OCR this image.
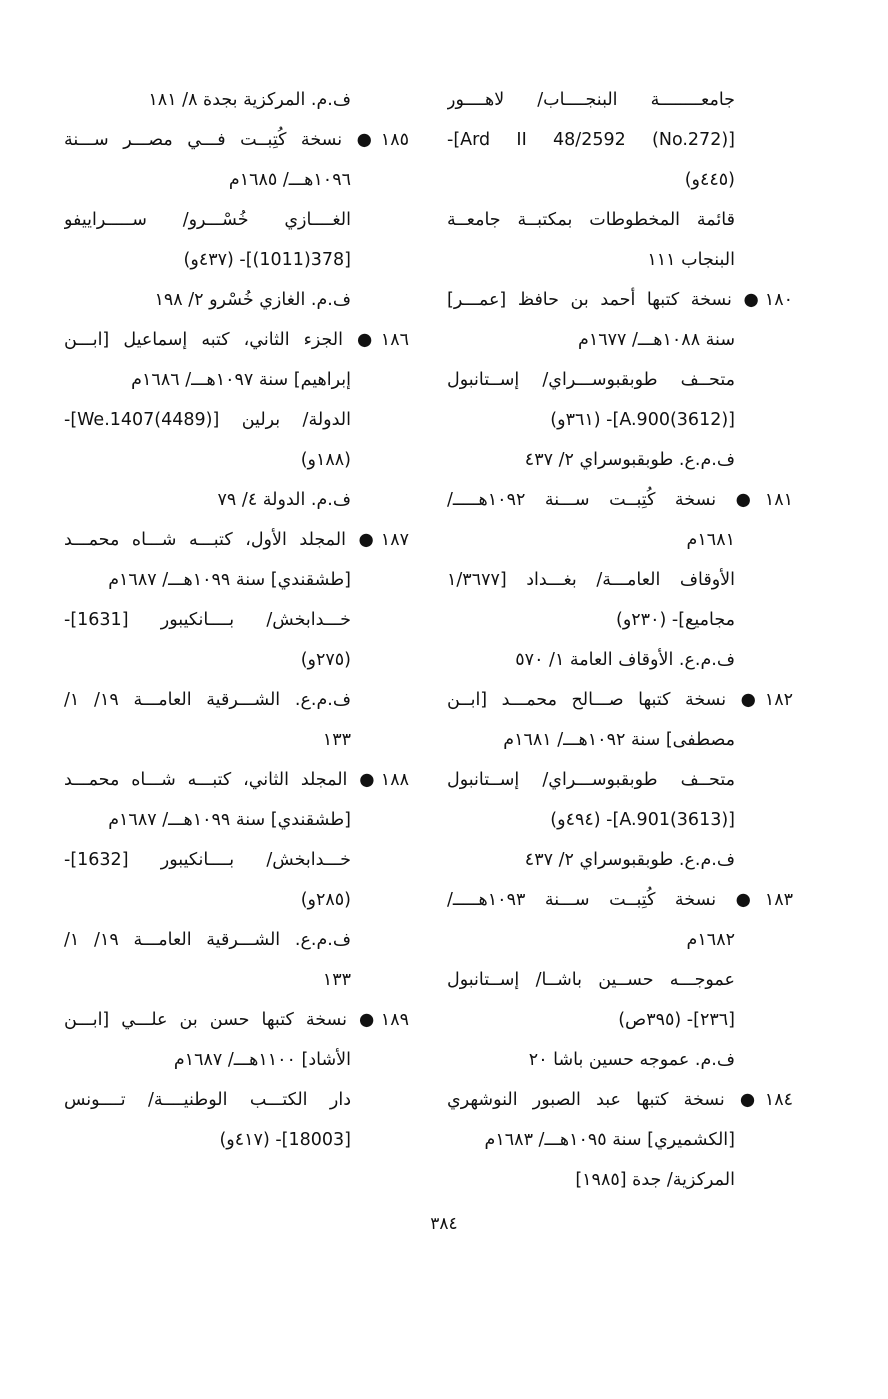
جامعــــــــة البنجــــاب/ لاهــــور
[(No.272) Ard II 48/2592]-
(٤٤٥و)
قائمة المخطوطات بمكتبــة جامعــة
البنجاب ١١١
١٨٠● نسخة كتبها أحمد بن حافظ [عمـــر]
سنة ١٠٨٨هـــ/ ١٦٧٧م
متحــف طوبقبوســـراي/ إســتانبول
[(3612)A.900]- (٣٦١و)
ف.م.ع. طوبقبوسراي ٢/ ٤٣٧
١٨١● نسخة كُتِبــت ســـنة ١٠٩٢هـــــ/
١٦٨١م
الأوقاف العامـــة/ بغـــداد [١/٣٦٧٧
مجاميع]- (٢٣٠و)
ف.م.ع. الأوقاف العامة ١/ ٥٧٠
١٨٢● نسخة كتبها صـــالح محمـــد [ابــن
مصطفى] سنة ١٠٩٢هـــ/ ١٦٨١م
متحــف طوبقبوســـراي/ إســتانبول
[(3613)A.901]- (٤٩٤و)
ف.م.ع. طوبقبوسراي ٢/ ٤٣٧
١٨٣● نسخة كُتِبــت ســـنة ١٠٩٣هـــــ/
١٦٨٢م
عموجـــه حســين باشــا/ إســتانبول
[٢٣٦]- (٣٩٥ص)
ف.م. عموجه حسين باشا ٢٠
١٨٤● نسخة كتبها عبد الصبور النوشهري
[الكشميري] سنة ١٠٩٥هـــ/ ١٦٨٣م
المركزية/ جدة [١٩٨٥]
ف.م. المركزية بجدة ٨/ ١٨١
١٨٥● نسخة كُتِبــت فـــي مصـــر ســـنة
١٠٩٦هـــ/ ١٦٨٥م
الغــــازي خُسْـــرو/ ســـــراييفو
[378(1011)]- (٤٣٧و)
ف.م. الغازي خُسْرو ٢/ ١٩٨
١٨٦● الجزء الثاني، كتبه إسماعيل [ابـــن
إبراهيم] سنة ١٠٩٧هـــ/ ١٦٨٦م
الدولة/ برلين [We.1407(4489)]-
(١٨٨و)
ف.م. الدولة ٤/ ٧٩
١٨٧● المجلد الأول، كتبـــه شـــاه محمـــد
[طشقندي] سنة ١٠٩٩هـــ/ ١٦٨٧م
خـــدابخش/ بــــانكيبور [1631]-
(٢٧٥و)
ف.م.ع. الشـــرقية العامـــة ١٩/ ١/
١٣٣
١٨٨● المجلد الثاني، كتبـــه شـــاه محمـــد
[طشقندي] سنة ١٠٩٩هـــ/ ١٦٨٧م
خـــدابخش/ بــــانكيبور [1632]-
(٢٨٥و)
ف.م.ع. الشـــرقية العامـــة ١٩/ ١/
١٣٣
١٨٩● نسخة كتبها حسن بن علـــي [ابـــن
الأشاد] ١١٠٠هـــ/ ١٦٨٧م
دار الكتـــب الوطنيــــة/ تــــونس
[18003]- (٤١٧و)
٣٨٤
